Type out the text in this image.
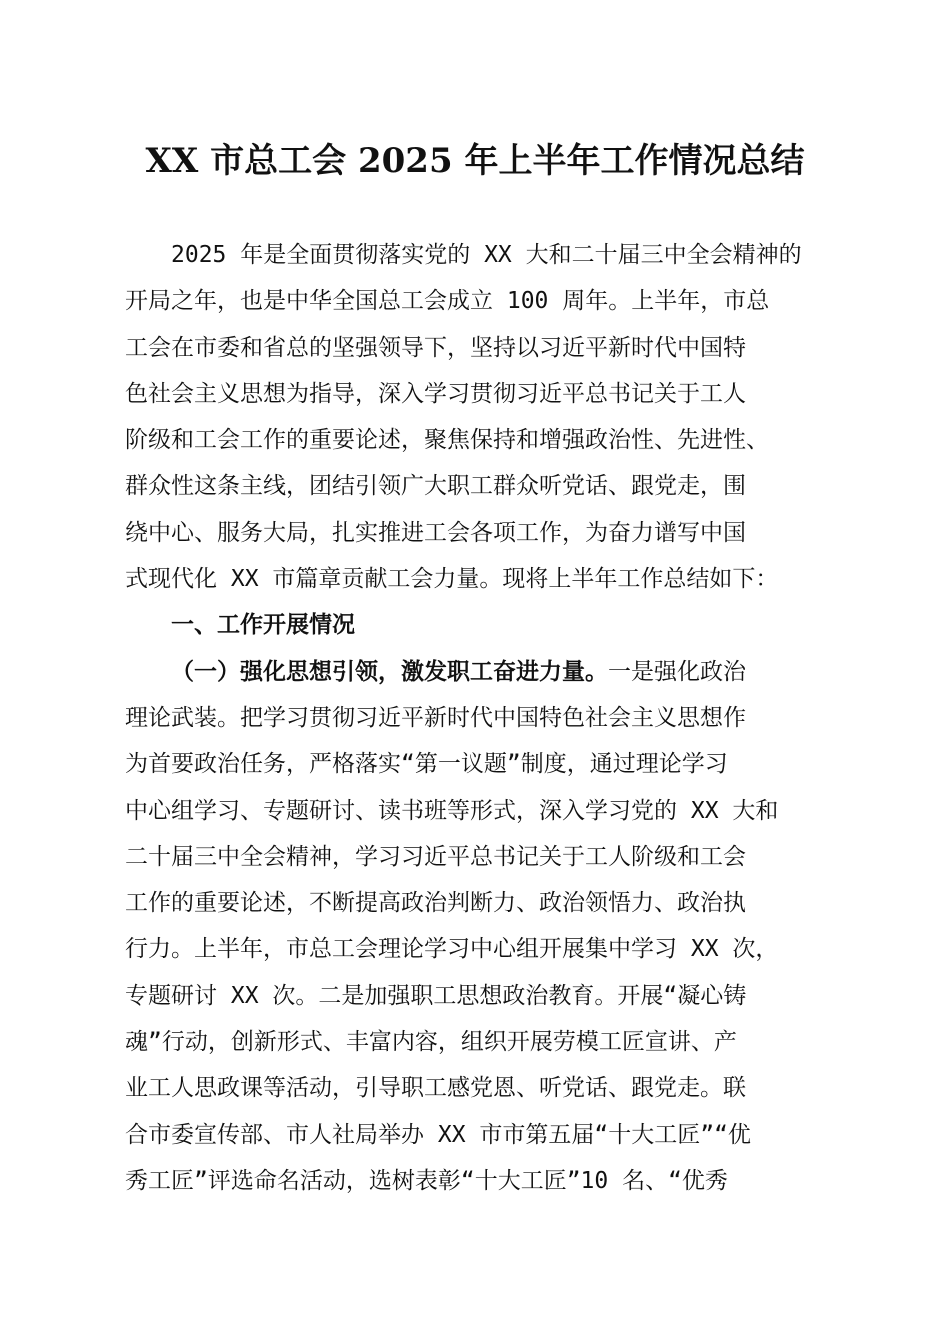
XX 市总工会 2025 年上半年工作情况总结
2025 年是全面贯彻落实党的 XX 大和二十届三中全会精神的
开局之年，也是中华全国总工会成立 100 周年。上半年，市总
工会在市委和省总的坚强领导下，坚持以习近平新时代中国特
色社会主义思想为指导，深入学习贯彻习近平总书记关于工人
阶级和工会工作的重要论述，聚焦保持和增强政治性、先进性、
群众性这条主线，团结引领广大职工群众听党话、跟党走，围
绕中心、服务大局，扎实推进工会各项工作，为奋力谱写中国
式现代化 XX 市篇章贡献工会力量。现将上半年工作总结如下：
一、工作开展情况
（一）强化思想引领，激发职工奋进力量。一是强化政治
理论武装。把学习贯彻习近平新时代中国特色社会主义思想作
为首要政治任务，严格落实“第一议题”制度，通过理论学习
中心组学习、专题研讨、读书班等形式，深入学习党的 XX 大和
二十届三中全会精神，学习习近平总书记关于工人阶级和工会
工作的重要论述，不断提高政治判断力、政治领悟力、政治执
行力。上半年，市总工会理论学习中心组开展集中学习 XX 次，
专题研讨 XX 次。二是加强职工思想政治教育。开展“凝心铸
魂”行动，创新形式、丰富内容，组织开展劳模工匠宣讲、产
业工人思政课等活动，引导职工感党恩、听党话、跟党走。联
合市委宣传部、市人社局举办 XX 市市第五届“十大工匠”“优
秀工匠”评选命名活动，选树表彰“十大工匠”10 名、“优秀
